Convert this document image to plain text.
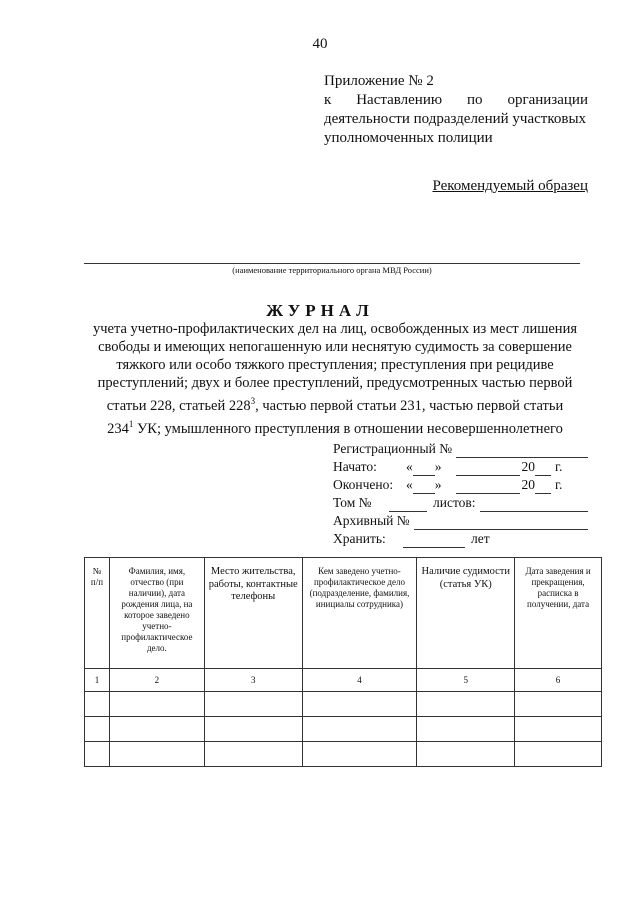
40
Приложение № 2
к Наставлению по организации
деятельности подразделений участковых
уполномоченных полиции
Рекомендуемый образец
(наименование территориального органа МВД России)
ЖУРНАЛ
учета учетно-профилактических дел на лиц, освобожденных из мест лишения
свободы и имеющих непогашенную или неснятую судимость за совершение
тяжкого или особо тяжкого преступления; преступления при рецидиве
преступлений; двух и более преступлений, предусмотренных частью первой
статьи 228, статьей $228^3$, частью первой статьи 231, частью первой статьи
$234^1$ УК; умышленного преступления в отношении несовершеннолетнего
Регистрационный №
Начато:	« »	20 г.
Окончено: « »	20 г.
Том №	листов:
Архивный №
Хранить:	лет
№ п/п	Фамилия, имя, отчество (при наличии), дата рождения лица, на которое заведено учетно-профилактическое дело.	Место жительства, работы, контактные телефоны	Кем заведено учетно-профилактическое дело (подразделение, фамилия, инициалы сотрудника)	Наличие судимости (статья УК)	Дата заведения и прекращения, расписка в получении, дата
1	2	3	4	5	6
